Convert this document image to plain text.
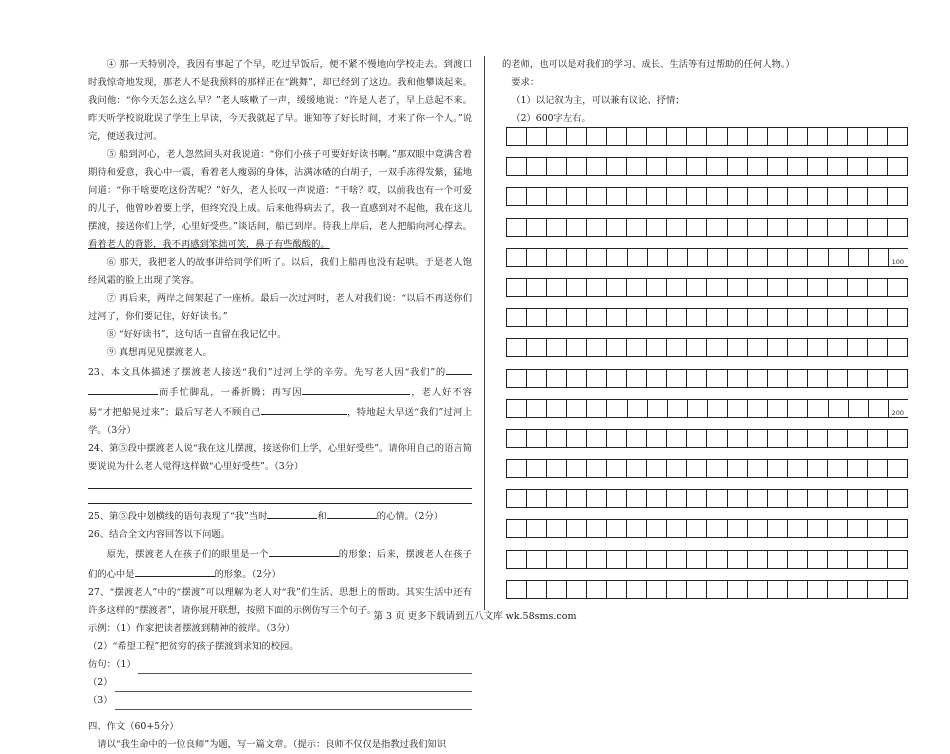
④ 那一天特别冷，我因有事起了个早，吃过早饭后，便不紧不慢地向学校走去。到渡口时我惊奇地发现，那老人不是我预料的那样正在“跳舞”，却已经到了这边。我和他攀谈起来。我问他：“你今天怎么这么早？”老人咳嗽了一声，缓缓地说：“许是人老了，早上总起不来。昨天听学校说耽误了学生上早读，今天我就起了早。谁知等了好长时间，才来了你一个人。”说完，便送我过河。

⑤ 船到河心，老人忽然回头对我说道：“你们小孩子可要好好读书啊。”那双眼中竟满含着期待和爱意，我心中一震，看着老人瘦弱的身体，沾满冰碴的白胡子，一双手冻得发紫，猛地问道：“你干啥要吃这份苦呢？”好久，老人长叹一声说道：“干啥？哎，以前我也有一个可爱的儿子，他曾吵着要上学，但终究没上成。后来他得病去了，我一直感到对不起他，我在这儿摆渡，接送你们上学，心里好受些。”谈话间，船已到岸。待我上岸后，老人把船向河心撑去。看着老人的背影，我不再感到笨拙可笑，鼻子有些酸酸的。

⑥ 那天，我把老人的故事讲给同学们听了。以后，我们上船再也没有起哄。于是老人饱经风霜的脸上出现了笑容。

⑦ 再后来，两岸之间架起了一座桥。最后一次过河时，老人对我们说：“以后不再送你们过河了，你们要记住，好好读书。”

⑧ “好好读书”，这句话一直留在我记忆中。

⑨ 真想再见见摆渡老人。

23、本文具体描述了摆渡老人接送“我们”过河上学的辛劳。先写老人因“我们”的而手忙脚乱，一番折腾；再写因	，老人好不容易“才把船晃过来”；最后写老人不顾自己	，特地起大早送“我们”过河上学。（3分）

24、第⑤段中摆渡老人说“我在这儿摆渡，接送你们上学，心里好受些”。请你用自己的语言简要说说为什么老人觉得这样做“心里好受些”。（3分）

25、第⑤段中划横线的语句表现了“我”当时	和	的心情。（2分）

26、结合全文内容回答以下问题。

原先，摆渡老人在孩子们的眼里是一个	的形象；后来，摆渡老人在孩子们的心中是	的形象。（2分）

27、“摆渡老人”中的“摆渡”可以理解为老人对“我”们生活、思想上的帮助。其实生活中还有许多这样的“摆渡者”，请你展开联想，按照下面的示例仿写三个句子。

示例：（1）作家把读者摆渡到精神的彼岸。（3分）

（2）“希望工程”把贫穷的孩子摆渡到求知的校园。

仿句：（1）
（2）
（3）

四、作文（60+5分）

请以“我生命中的一位良师”为题，写一篇文章。（提示：良师不仅仅是指教过我们知识

的老师，也可以是对我们的学习、成长、生活等有过帮助的任何人物。）

要求：

（1）以记叙为主，可以兼有议论、抒情；

（2）600字左右。

100
200
第 3 页 更多下载请到五八文库 wk.58sms.com
